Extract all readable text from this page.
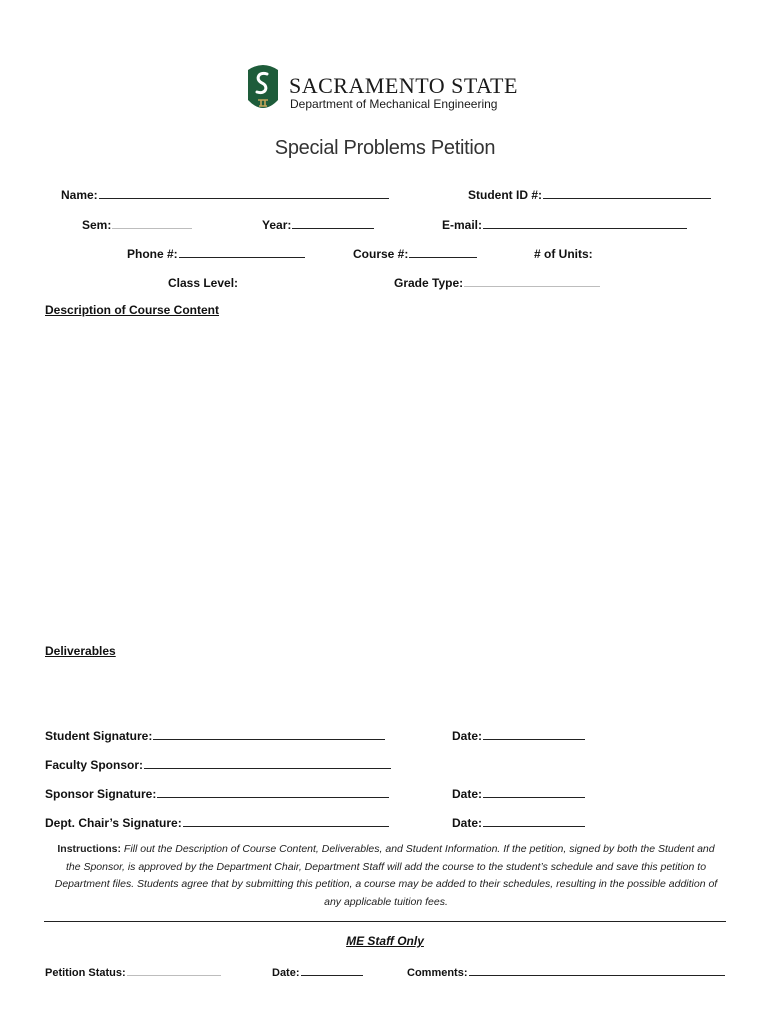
SACRAMENTO STATE
Department of Mechanical Engineering
Special Problems Petition
Name:	Student ID #:
Sem:	Year:	E-mail:
Phone #:	Course #:	# of Units:
Class Level:	Grade Type:
Description of Course Content
Deliverables
Student Signature:	Date:
Faculty Sponsor:
Sponsor Signature:	Date:
Dept. Chair’s Signature:	Date:
Instructions: Fill out the Description of Course Content, Deliverables, and Student Information. If the petition, signed by both the Student and the Sponsor, is approved by the Department Chair, Department Staff will add the course to the student’s schedule and save this petition to Department files. Students agree that by submitting this petition, a course may be added to their schedules, resulting in the possible addition of any applicable tuition fees.
ME Staff Only
Petition Status:	Date:	Comments:
